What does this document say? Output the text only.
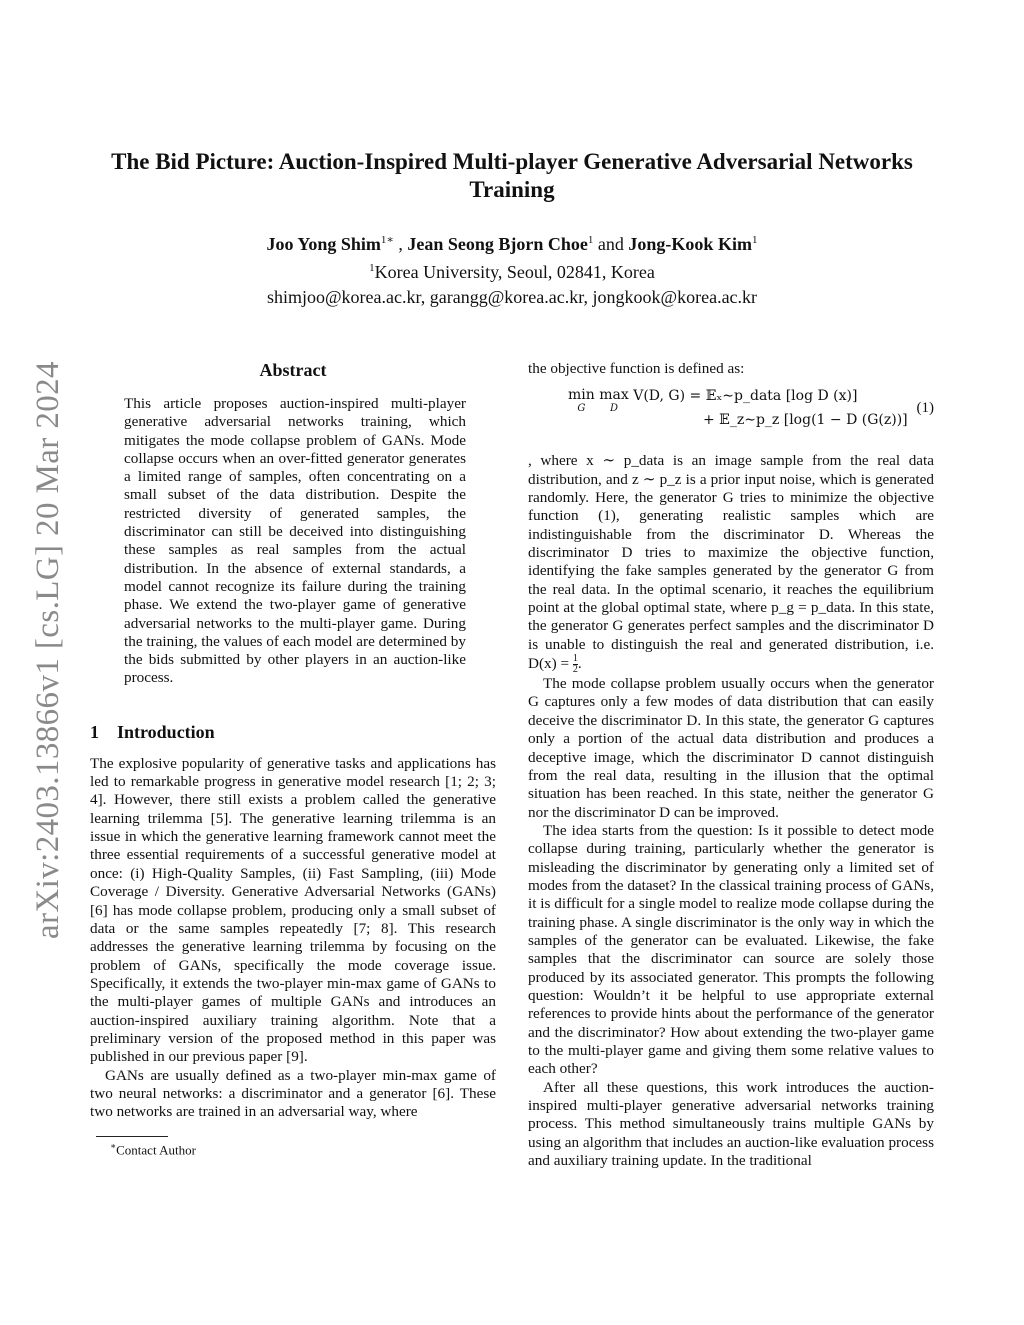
arXiv:2403.13866v1 [cs.LG] 20 Mar 2024
The Bid Picture: Auction-Inspired Multi-player Generative Adversarial Networks Training
Joo Yong Shim$^{1∗}$ , Jean Seong Bjorn Choe$^1$ and Jong-Kook Kim$^1$
$^1$Korea University, Seoul, 02841, Korea
shimjoo@korea.ac.kr, garangg@korea.ac.kr, jongkook@korea.ac.kr
Abstract
This article proposes auction-inspired multi-player generative adversarial networks training, which mitigates the mode collapse problem of GANs. Mode collapse occurs when an over-fitted generator generates a limited range of samples, often concentrating on a small subset of the data distribution. Despite the restricted diversity of generated samples, the discriminator can still be deceived into distinguishing these samples as real samples from the actual distribution. In the absence of external standards, a model cannot recognize its failure during the training phase. We extend the two-player game of generative adversarial networks to the multi-player game. During the training, the values of each model are determined by the bids submitted by other players in an auction-like process.
1 Introduction

The explosive popularity of generative tasks and applications has led to remarkable progress in generative model research [1; 2; 3; 4]. However, there still exists a problem called the generative learning trilemma [5]. The generative learning trilemma is an issue in which the generative learning framework cannot meet the three essential requirements of a successful generative model at once: (i) High-Quality Samples, (ii) Fast Sampling, (iii) Mode Coverage / Diversity. Generative Adversarial Networks (GANs) [6] has mode collapse problem, producing only a small subset of data or the same samples repeatedly [7; 8]. This research addresses the generative learning trilemma by focusing on the problem of GANs, specifically the mode coverage issue. Specifically, it extends the two-player min-max game of GANs to the multi-player games of multiple GANs and introduces an auction-inspired auxiliary training algorithm. Note that a preliminary version of the proposed method in this paper was published in our previous paper [9].

GANs are usually defined as a two-player min-max game of two neural networks: a discriminator and a generator [6]. These two networks are trained in an adversarial way, where

∗Contact Author

the objective function is defined as:

min
G
max
D
V(D, G) = 𝔼ₓ∼p_data [log D (x)]
+ 𝔼_z∼p_z [log(1 − D (G(z))]
(1)

, where x ∼ p_data is an image sample from the real data distribution, and z ∼ p_z is a prior input noise, which is generated randomly. Here, the generator G tries to minimize the objective function (1), generating realistic samples which are indistinguishable from the discriminator D. Whereas the discriminator D tries to maximize the objective function, identifying the fake samples generated by the generator G from the real data. In the optimal scenario, it reaches the equilibrium point at the global optimal state, where p_g = p_data. In this state, the generator G generates perfect samples and the discriminator D is unable to distinguish the real and generated distribution, i.e. $D(x) = \frac{1}{2}$ .

The mode collapse problem usually occurs when the generator G captures only a few modes of data distribution that can easily deceive the discriminator D. In this state, the generator G captures only a portion of the actual data distribution and produces a deceptive image, which the discriminator D cannot distinguish from the real data, resulting in the illusion that the optimal situation has been reached. In this state, neither the generator G nor the discriminator D can be improved.

The idea starts from the question: Is it possible to detect mode collapse during training, particularly whether the generator is misleading the discriminator by generating only a limited set of modes from the dataset? In the classical training process of GANs, it is difficult for a single model to realize mode collapse during the training phase. A single discriminator is the only way in which the samples of the generator can be evaluated. Likewise, the fake samples that the discriminator can source are solely those produced by its associated generator. This prompts the following question: Wouldn’t it be helpful to use appropriate external references to provide hints about the performance of the generator and the discriminator? How about extending the two-player game to the multi-player game and giving them some relative values to each other?

After all these questions, this work introduces the auction-inspired multi-player generative adversarial networks training process. This method simultaneously trains multiple GANs by using an algorithm that includes an auction-like evaluation process and auxiliary training update. In the traditional
